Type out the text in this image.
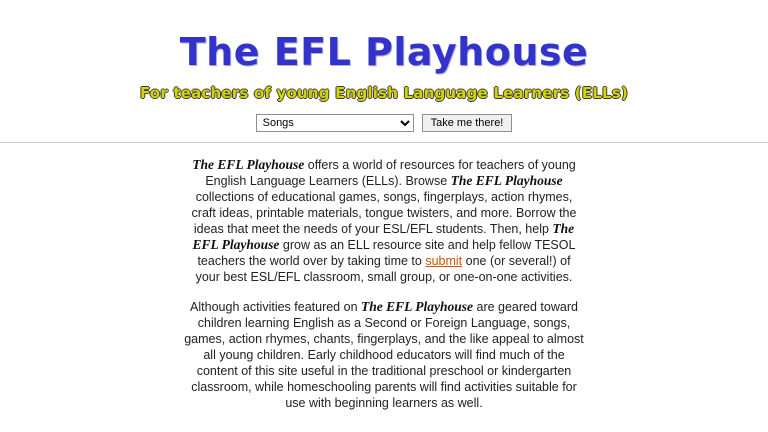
The EFL Playhouse
For teachers of young English Language Learners (ELLs)
Songs
Take me there!

The EFL Playhouse offers a world of resources for teachers of young English Language Learners (ELLs). Browse The EFL Playhouse collections of educational games, songs, fingerplays, action rhymes, craft ideas, printable materials, tongue twisters, and more. Borrow the ideas that meet the needs of your ESL/EFL students. Then, help The EFL Playhouse grow as an ELL resource site and help fellow TESOL teachers the world over by taking time to submit one (or several!) of your best ESL/EFL classroom, small group, or one-on-one activities.

Although activities featured on The EFL Playhouse are geared toward children learning English as a Second or Foreign Language, songs, games, action rhymes, chants, fingerplays, and the like appeal to almost all young children. Early childhood educators will find much of the content of this site useful in the traditional preschool or kindergarten classroom, while homeschooling parents will find activities suitable for use with beginning learners as well.
